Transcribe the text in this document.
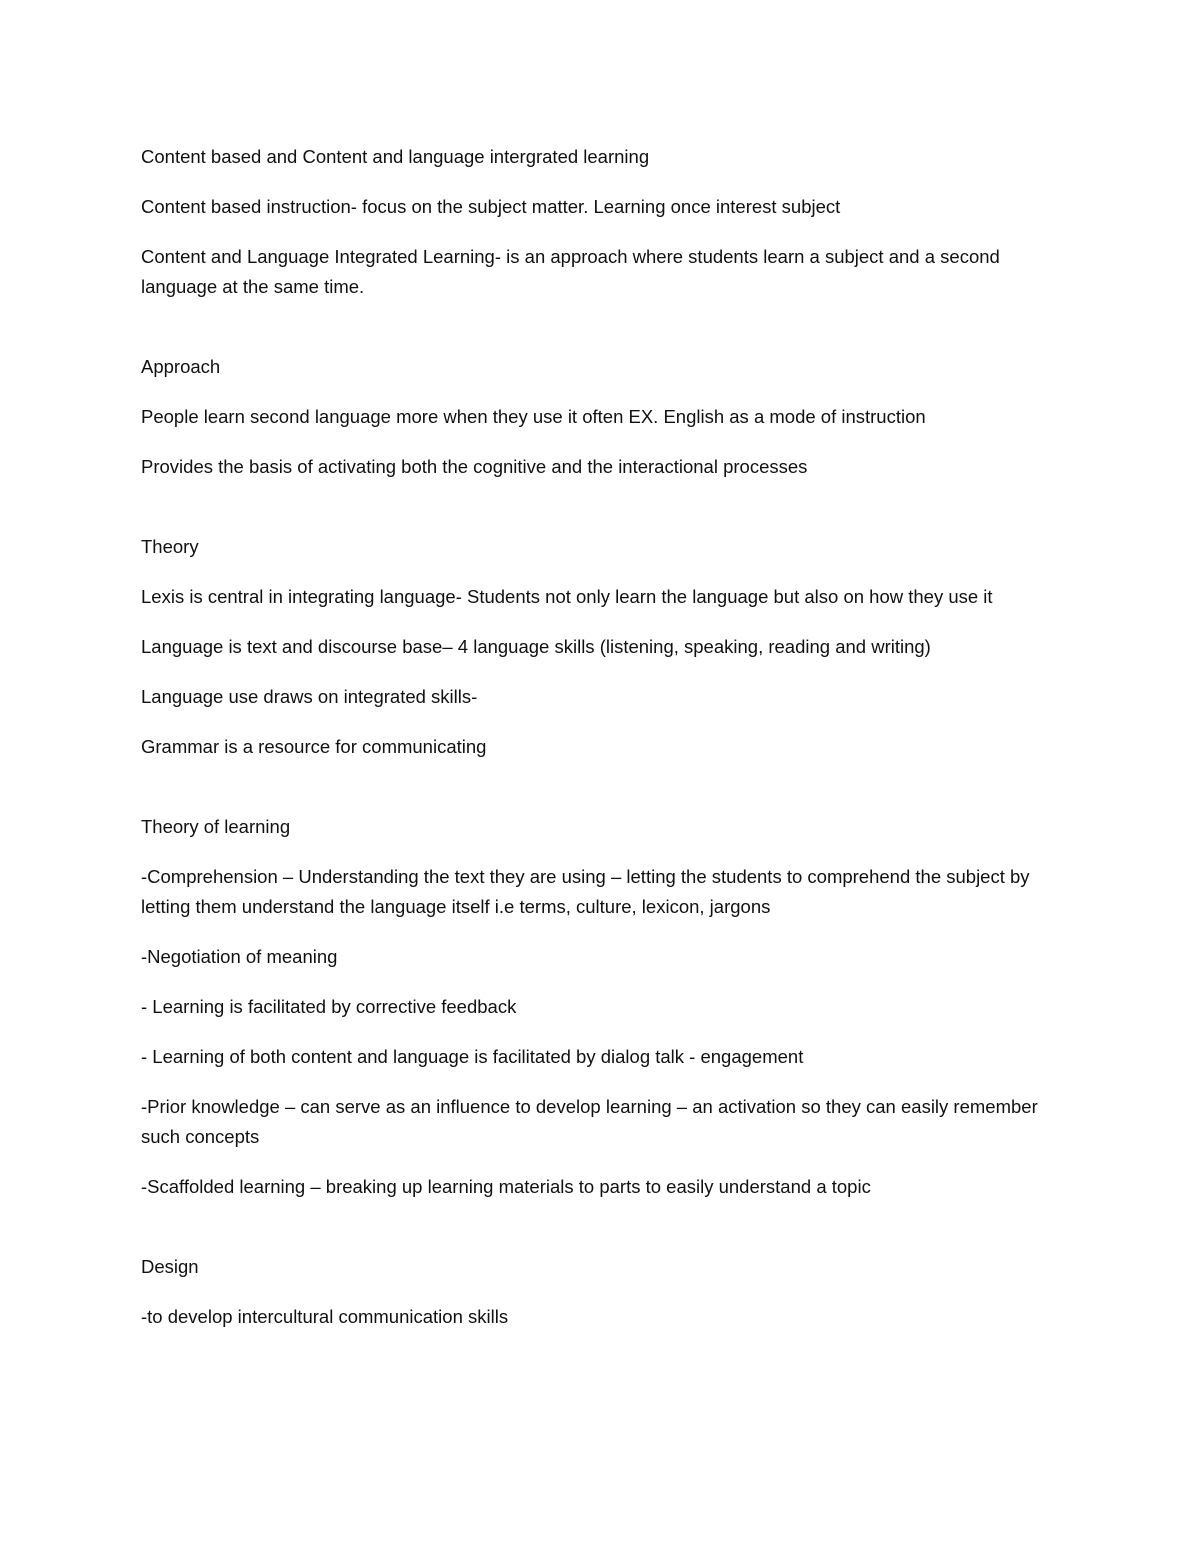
Content based and Content and language intergrated learning

Content based instruction- focus on the subject matter. Learning once interest subject

Content and Language Integrated Learning- is an approach where students learn a subject and a second language at the same time.

Approach

People learn second language more when they use it often EX. English as a mode of instruction

Provides the basis of activating both the cognitive and the interactional processes

Theory

Lexis is central in integrating language- Students not only learn the language but also on how they use it

Language is text and discourse base– 4 language skills (listening, speaking, reading and writing)

Language use draws on integrated skills-

Grammar is a resource for communicating

Theory of learning

-Comprehension – Understanding the text they are using – letting the students to comprehend the subject by letting them understand the language itself i.e terms, culture, lexicon, jargons

-Negotiation of meaning

- Learning is facilitated by corrective feedback

- Learning of both content and language is facilitated by dialog talk - engagement

-Prior knowledge – can serve as an influence to develop learning – an activation so they can easily remember such concepts

-Scaffolded learning – breaking up learning materials to parts to easily understand a topic

Design

-to develop intercultural communication skills
